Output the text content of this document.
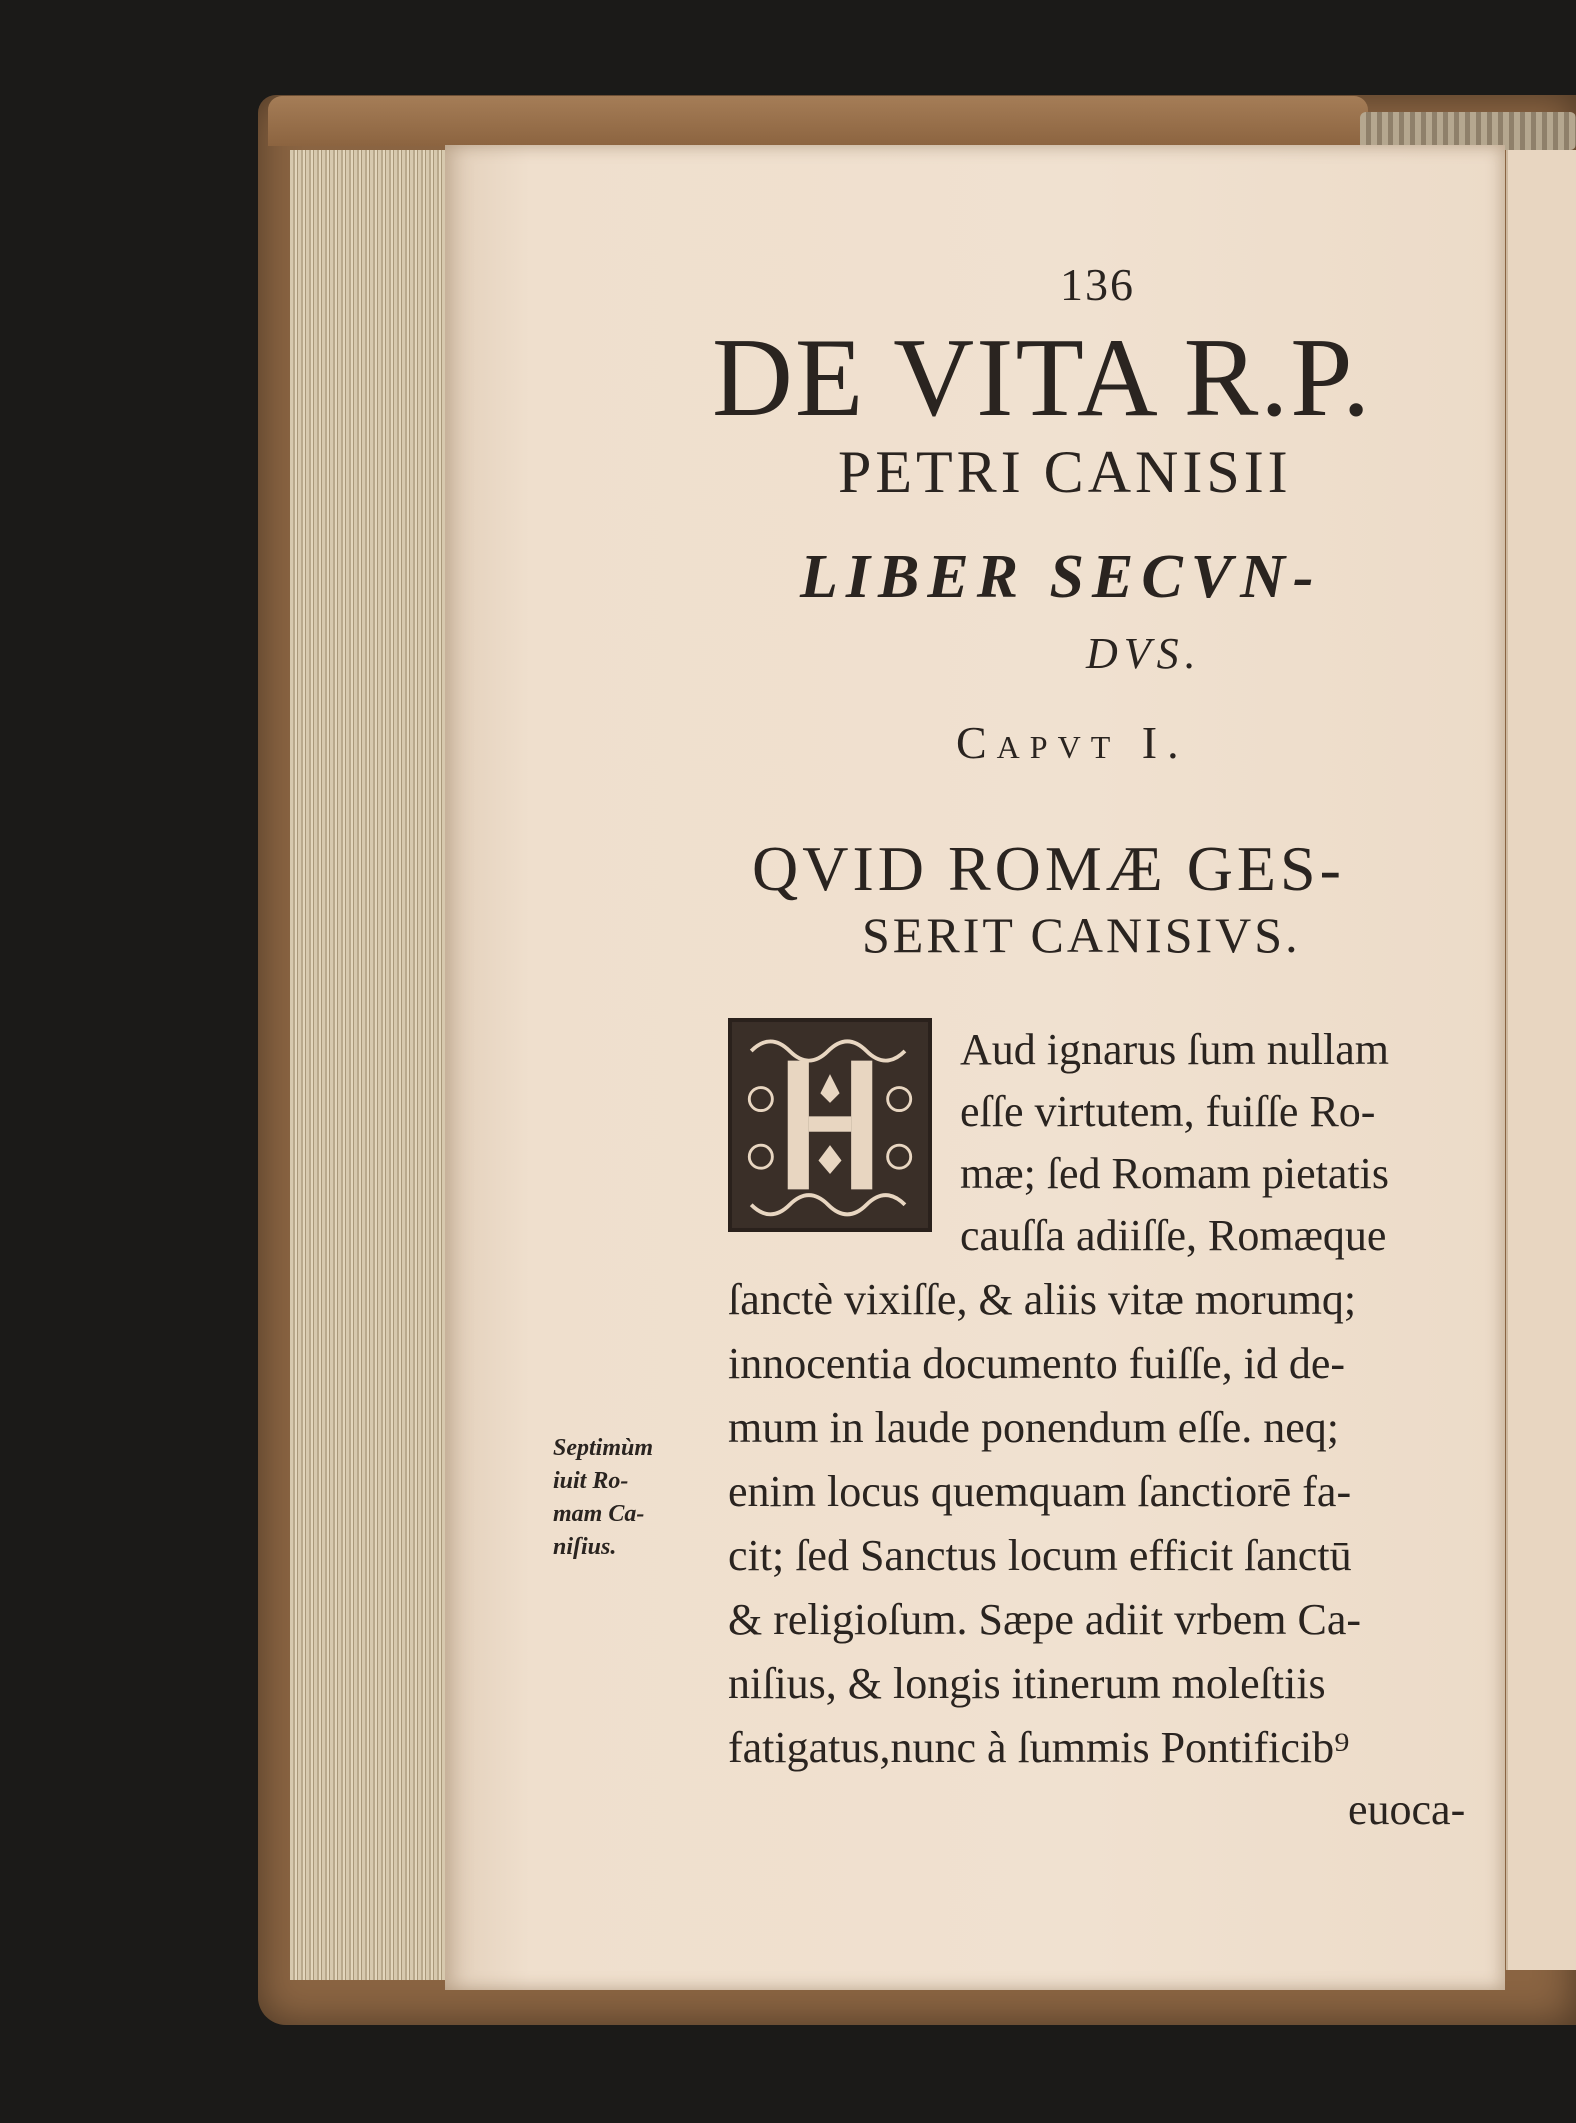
136
DE VITA R.P.
PETRI CANISII
LIBER SECVN-
DVS.
Capvt I.
QVID ROMÆ GES-
SERIT CANISIVS.
H
Aud ignarus ſum nullam
eſſe virtutem, fuiſſe Ro-
mæ; ſed Romam pietatis
cauſſa adiiſſe, Romæque
ſanctè vixiſſe, & aliis vitæ morumq;
innocentia documento fuiſſe, id de-
mum in laude ponendum eſſe. neq;
enim locus quemquam ſanctiorē fa-
cit; ſed Sanctus locum efficit ſanctū
& religioſum. Sæpe adiit vrbem Ca-
niſius, & longis itinerum moleſtiis
fatigatus,nunc à ſummis Pontificib⁹
euoca-
Septimùm
iuit Ro-
mam Ca-
niſius.
